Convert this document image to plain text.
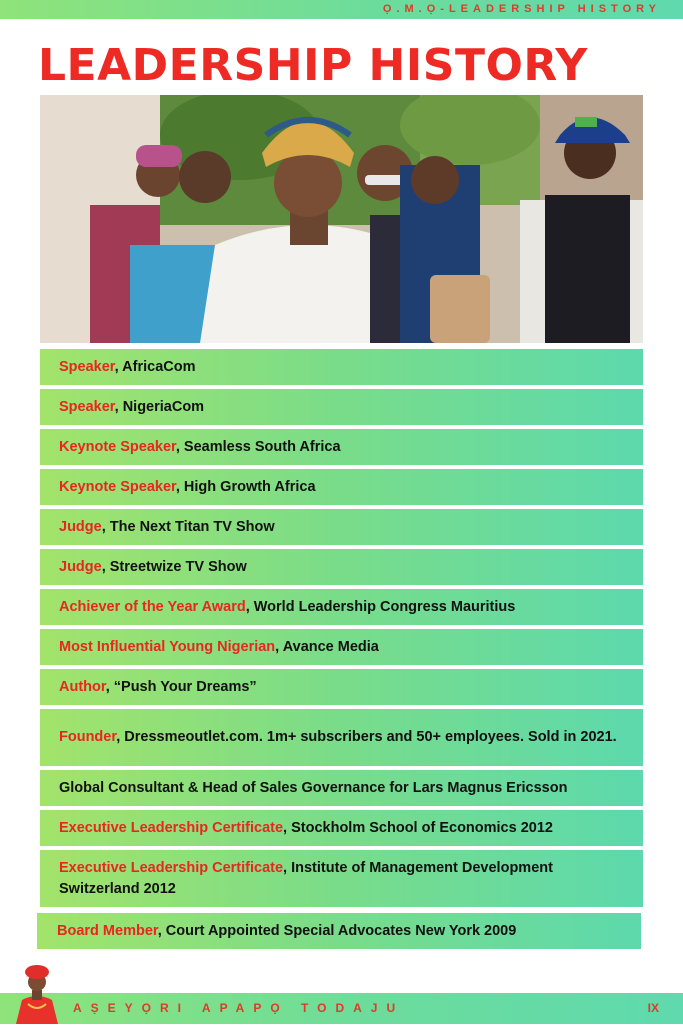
Ọ.M.Ọ-LEADERSHIP HISTORY
LEADERSHIP HISTORY
Speaker, AfricaCom
Speaker, NigeriaCom
Keynote Speaker, Seamless South Africa
Keynote Speaker, High Growth Africa
Judge, The Next Titan TV Show
Judge, Streetwize TV Show
Achiever of the Year Award, World Leadership Congress Mauritius
Most Influential Young Nigerian, Avance Media
Author, “Push Your Dreams”
Founder, Dressmeoutlet.com. 1m+ subscribers and 50+ employees. Sold in 2021.
Global Consultant & Head of Sales Governance for Lars Magnus Ericsson
Executive Leadership Certificate, Stockholm School of Economics 2012
Executive Leadership Certificate, Institute of Management Development Switzerland 2012
Board Member, Court Appointed Special Advocates New York 2009
AṢEYỌRI APAPỌ TODAJU	IX
